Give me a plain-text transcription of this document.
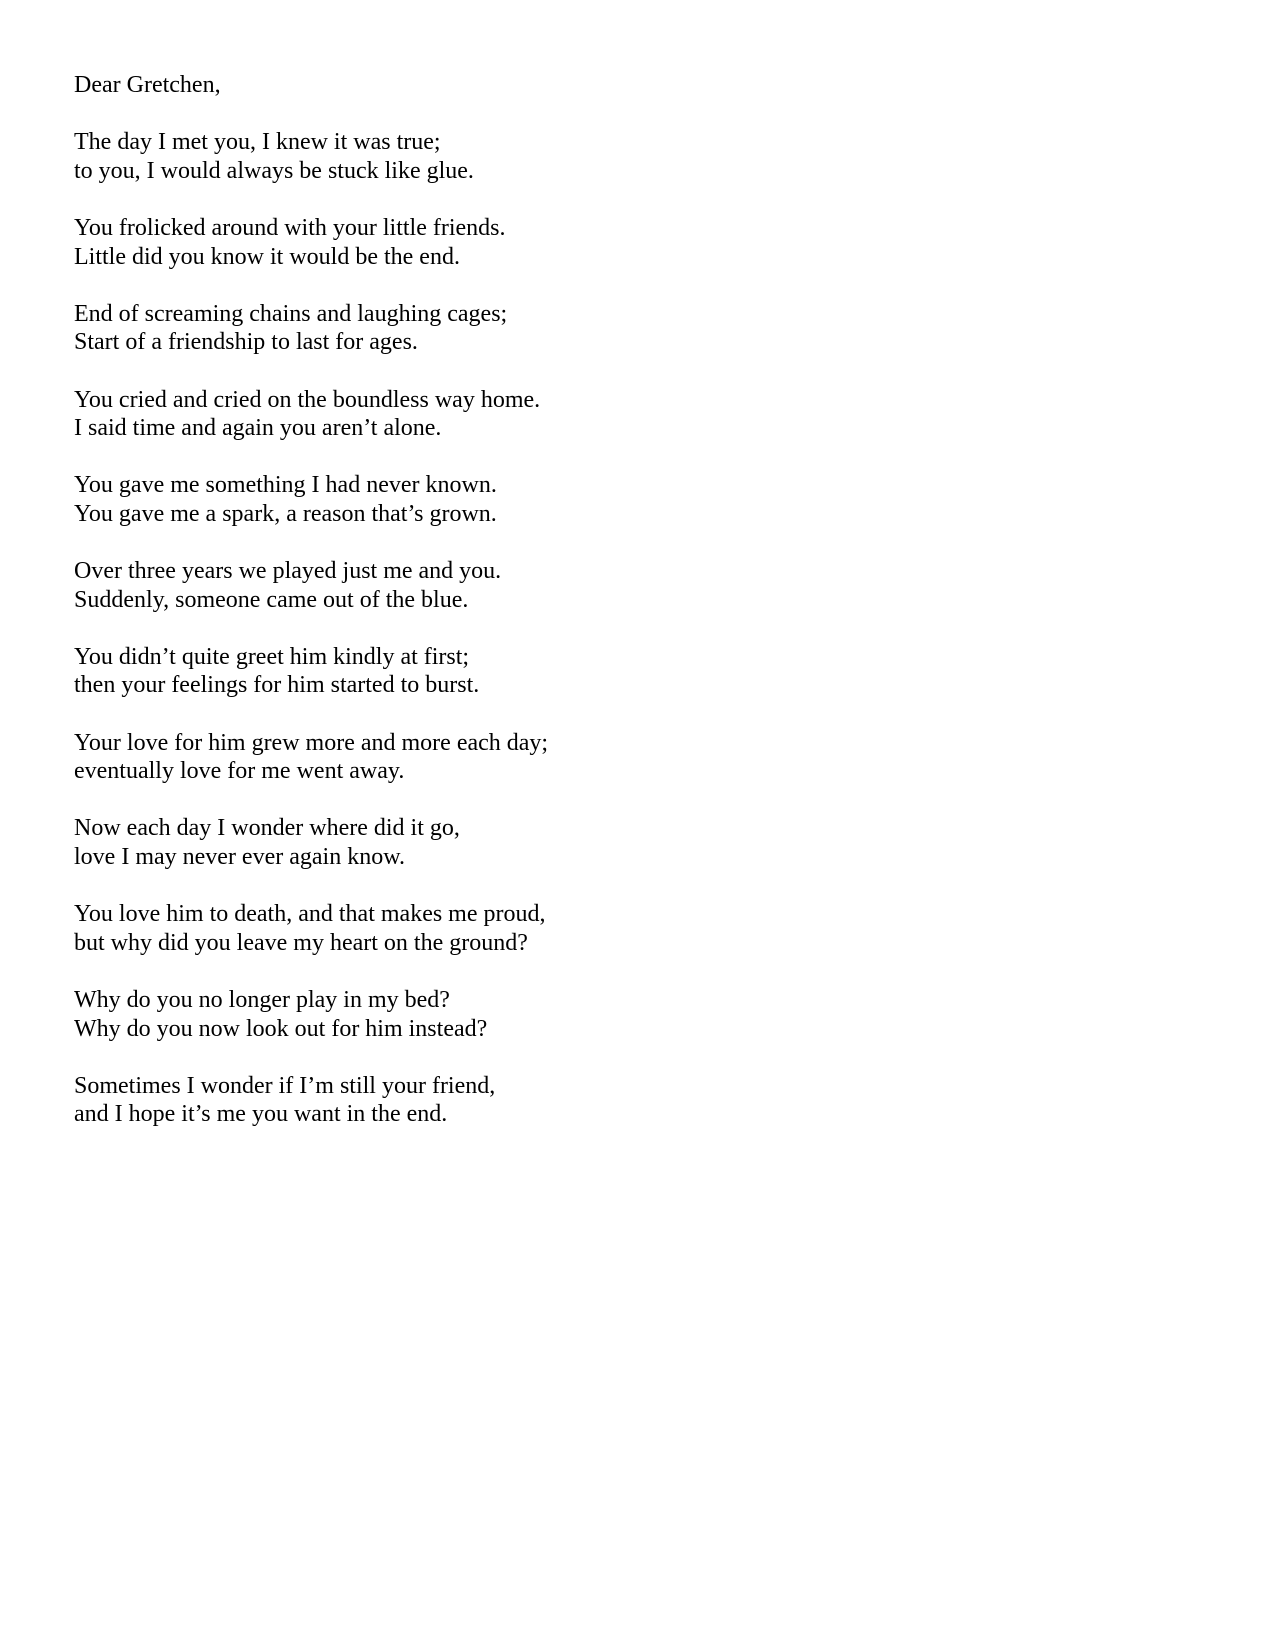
Dear Gretchen,
The day I met you, I knew it was true;
to you, I would always be stuck like glue.
You frolicked around with your little friends.
Little did you know it would be the end.
End of screaming chains and laughing cages;
Start of a friendship to last for ages.
You cried and cried on the boundless way home.
I said time and again you aren’t alone.
You gave me something I had never known.
You gave me a spark, a reason that’s grown.
Over three years we played just me and you.
Suddenly, someone came out of the blue.
You didn’t quite greet him kindly at first;
then your feelings for him started to burst.
Your love for him grew more and more each day;
eventually love for me went away.
Now each day I wonder where did it go,
love I may never ever again know.
You love him to death, and that makes me proud,
but why did you leave my heart on the ground?
Why do you no longer play in my bed?
Why do you now look out for him instead?
Sometimes I wonder if I’m still your friend,
and I hope it’s me you want in the end.
